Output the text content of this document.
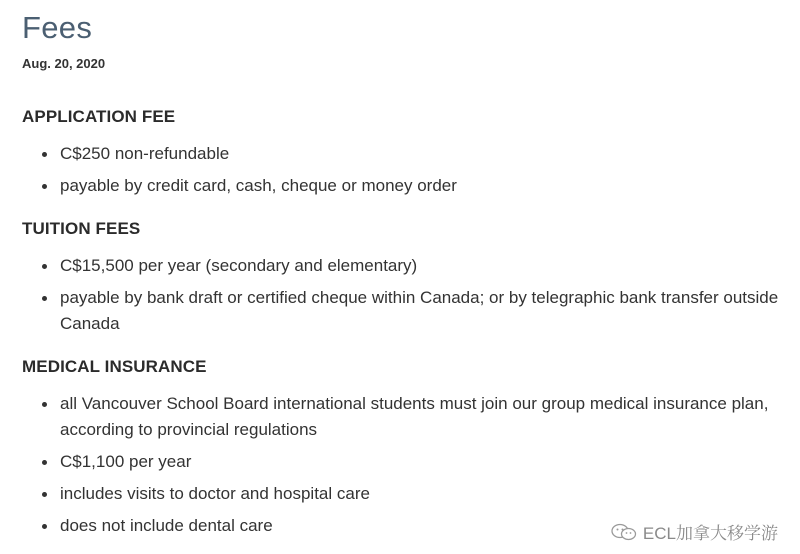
Fees
Aug. 20, 2020
APPLICATION FEE
C$250 non-refundable
payable by credit card, cash, cheque or money order
TUITION FEES
C$15,500 per year (secondary and elementary)
payable by bank draft or certified cheque within Canada; or by telegraphic bank transfer outside Canada
MEDICAL INSURANCE
all Vancouver School Board international students must join our group medical insurance plan, according to provincial regulations
C$1,100 per year
includes visits to doctor and hospital care
does not include dental care	ECL加拿大移学游
